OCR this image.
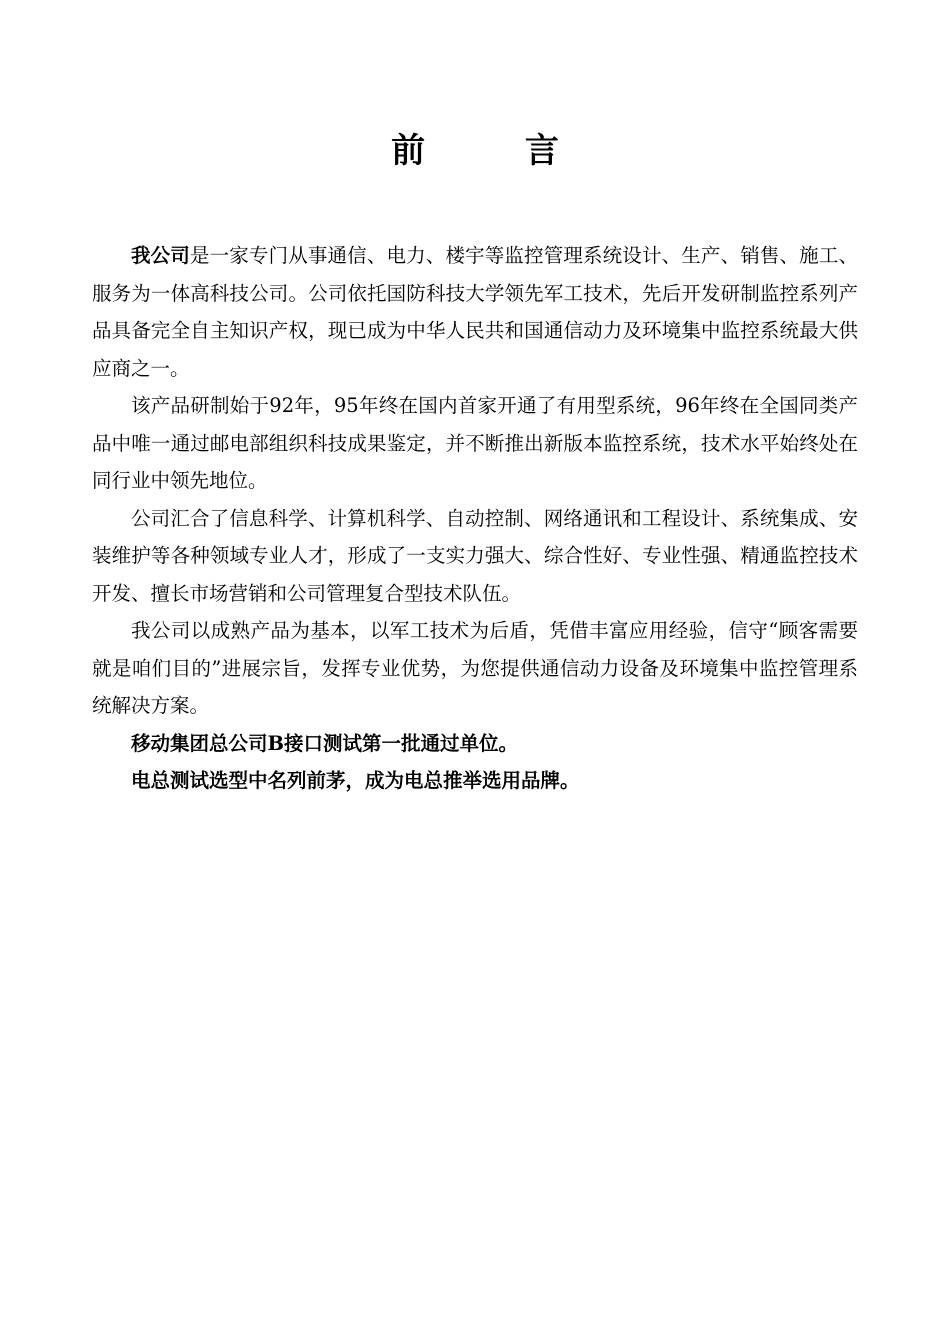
前 言

我公司是一家专门从事通信、电力、楼宇等监控管理系统设计、生产、销售、施工、服务为一体高科技公司。公司依托国防科技大学领先军工技术，先后开发研制监控系列产品具备完全自主知识产权，现已成为中华人民共和国通信动力及环境集中监控系统最大供应商之一。

该产品研制始于92年，95年终在国内首家开通了有用型系统，96年终在全国同类产品中唯一通过邮电部组织科技成果鉴定，并不断推出新版本监控系统，技术水平始终处在同行业中领先地位。

公司汇合了信息科学、计算机科学、自动控制、网络通讯和工程设计、系统集成、安装维护等各种领域专业人才，形成了一支实力强大、综合性好、专业性强、精通监控技术开发、擅长市场营销和公司管理复合型技术队伍。

我公司以成熟产品为基本，以军工技术为后盾，凭借丰富应用经验，信守“顾客需要就是咱们目的”进展宗旨，发挥专业优势，为您提供通信动力设备及环境集中监控管理系统解决方案。

移动集团总公司B接口测试第一批通过单位。

电总测试选型中名列前茅，成为电总推举选用品牌。
